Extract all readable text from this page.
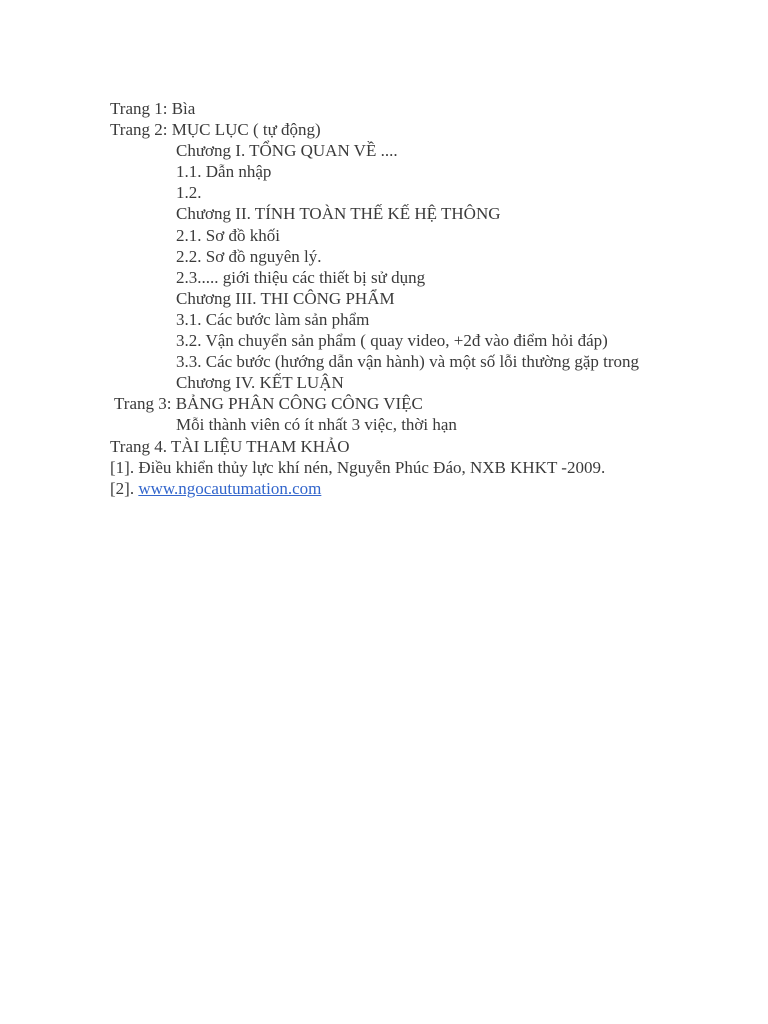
Trang 1: Bìa
Trang 2: MỤC LỤC ( tự động)
Chương I. TỔNG QUAN VỀ ....
1.1. Dẫn nhập
1.2.
Chương II. TÍNH TOÀN THẾ KẾ HỆ THÔNG
2.1. Sơ đồ khối
2.2. Sơ đồ nguyên lý.
2.3..... giới thiệu các thiết bị sử dụng
Chương III. THI CÔNG PHẨM
3.1. Các bước làm sản phẩm
3.2. Vận chuyển sản phẩm ( quay video, +2đ vào điểm hỏi đáp)
3.3. Các bước (hướng dẫn vận hành) và một số lỗi thường gặp trong
Chương IV. KẾT LUẬN
Trang 3: BẢNG PHÂN CÔNG CÔNG VIỆC
Mỗi thành viên có ít nhất 3 việc, thời hạn
Trang 4. TÀI LIỆU THAM KHẢO
[1]. Điều khiển thủy lực khí nén, Nguyễn Phúc Đáo, NXB KHKT -2009.
[2]. www.ngocautumation.com
